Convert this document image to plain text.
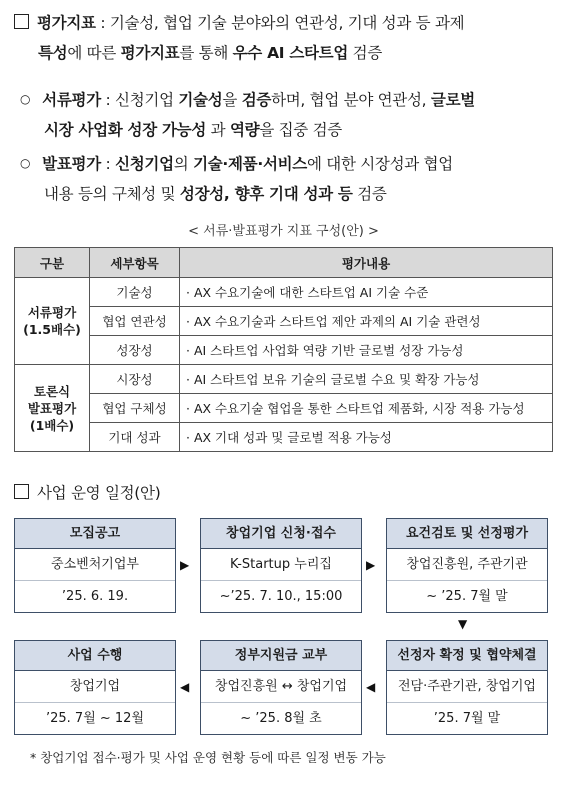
평가지표 : 기술성, 협업 기술 분야와의 연관성, 기대 성과 등 과제
특성에 따른 평가지표를 통해 우수 AI 스타트업 검증
○ 서류평가 : 신청기업 기술성을 검증하며, 협업 분야 연관성, 글로벌
시장 사업화 성장 가능성 과 역량을 집중 검증
○ 발표평가 : 신청기업의 기술·제품·서비스에 대한 시장성과 협업
내용 등의 구체성 및 성장성, 향후 기대 성과 등 검증
< 서류·발표평가 지표 구성(안) >
구분	세부항목	평가내용
서류평가
(1.5배수)	기술성	· AX 수요기술에 대한 스타트업 AI 기술 수준
	협업 연관성	· AX 수요기술과 스타트업 제안 과제의 AI 기술 관련성
	성장성	· AI 스타트업 사업화 역량 기반 글로벌 성장 가능성
토론식
발표평가
(1배수)	시장성	· AI 스타트업 보유 기술의 글로벌 수요 및 확장 가능성
	협업 구체성	· AX 수요기술 협업을 통한 스타트업 제품화, 시장 적용 가능성
	기대 성과	· AX 기대 성과 및 글로벌 적용 가능성
사업 운영 일정(안)
모집공고
중소벤처기업부
’25. 6. 19.
▶
창업기업 신청·접수
K-Startup 누리집
~’25. 7. 10., 15:00
▶
요건검토 및 선정평가
창업진흥원, 주관기관
~ ’25. 7월 말
▼
사업 수행
창업기업
’25. 7월 ~ 12월
◀
정부지원금 교부
창업진흥원 ↔ 창업기업
~ ’25. 8월 초
◀
선정자 확정 및 협약체결
전담·주관기관, 창업기업
’25. 7월 말
* 창업기업 접수·평가 및 사업 운영 현황 등에 따른 일정 변동 가능
